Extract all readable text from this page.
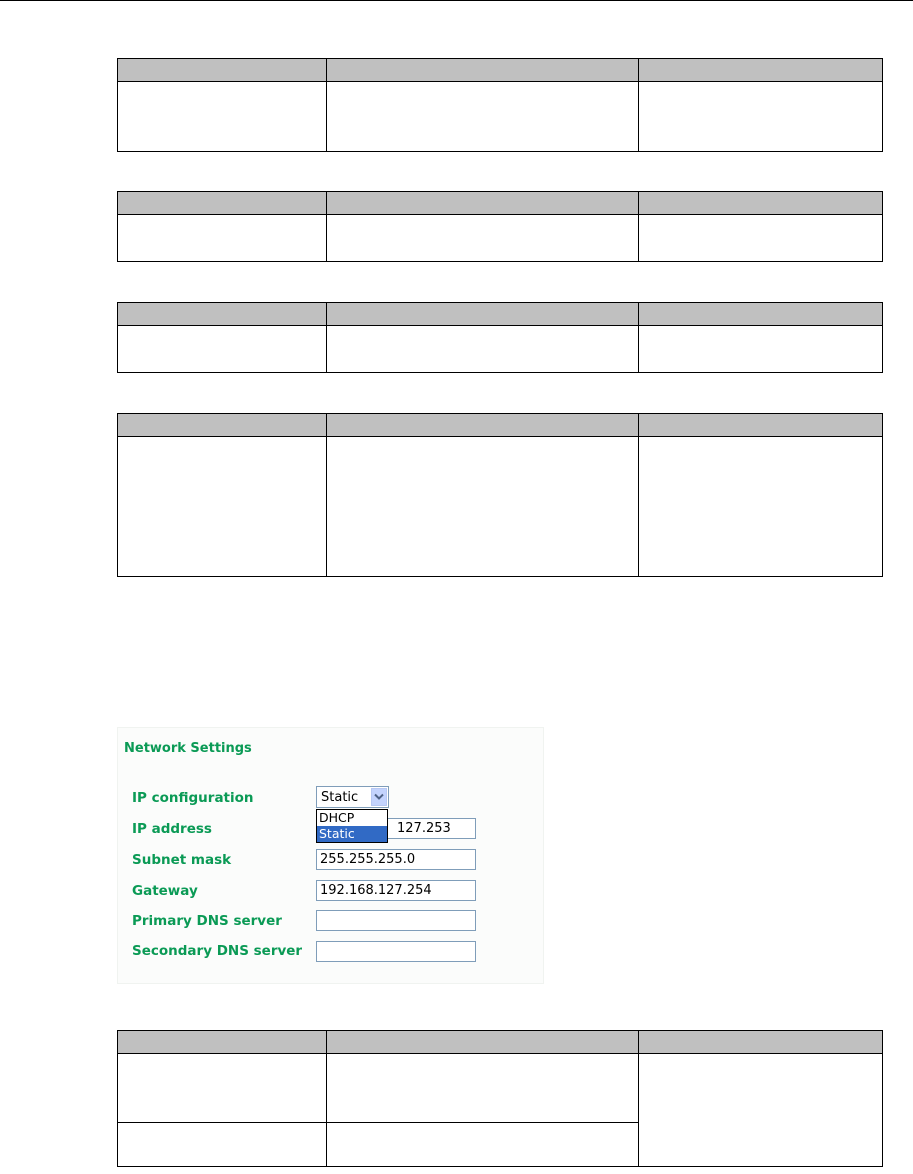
Network Settings
IP configuration	Static
DHCP
Static
IP address	127.253
Subnet mask	255.255.255.0
Gateway	192.168.127.254
Primary DNS server
Secondary DNS server
